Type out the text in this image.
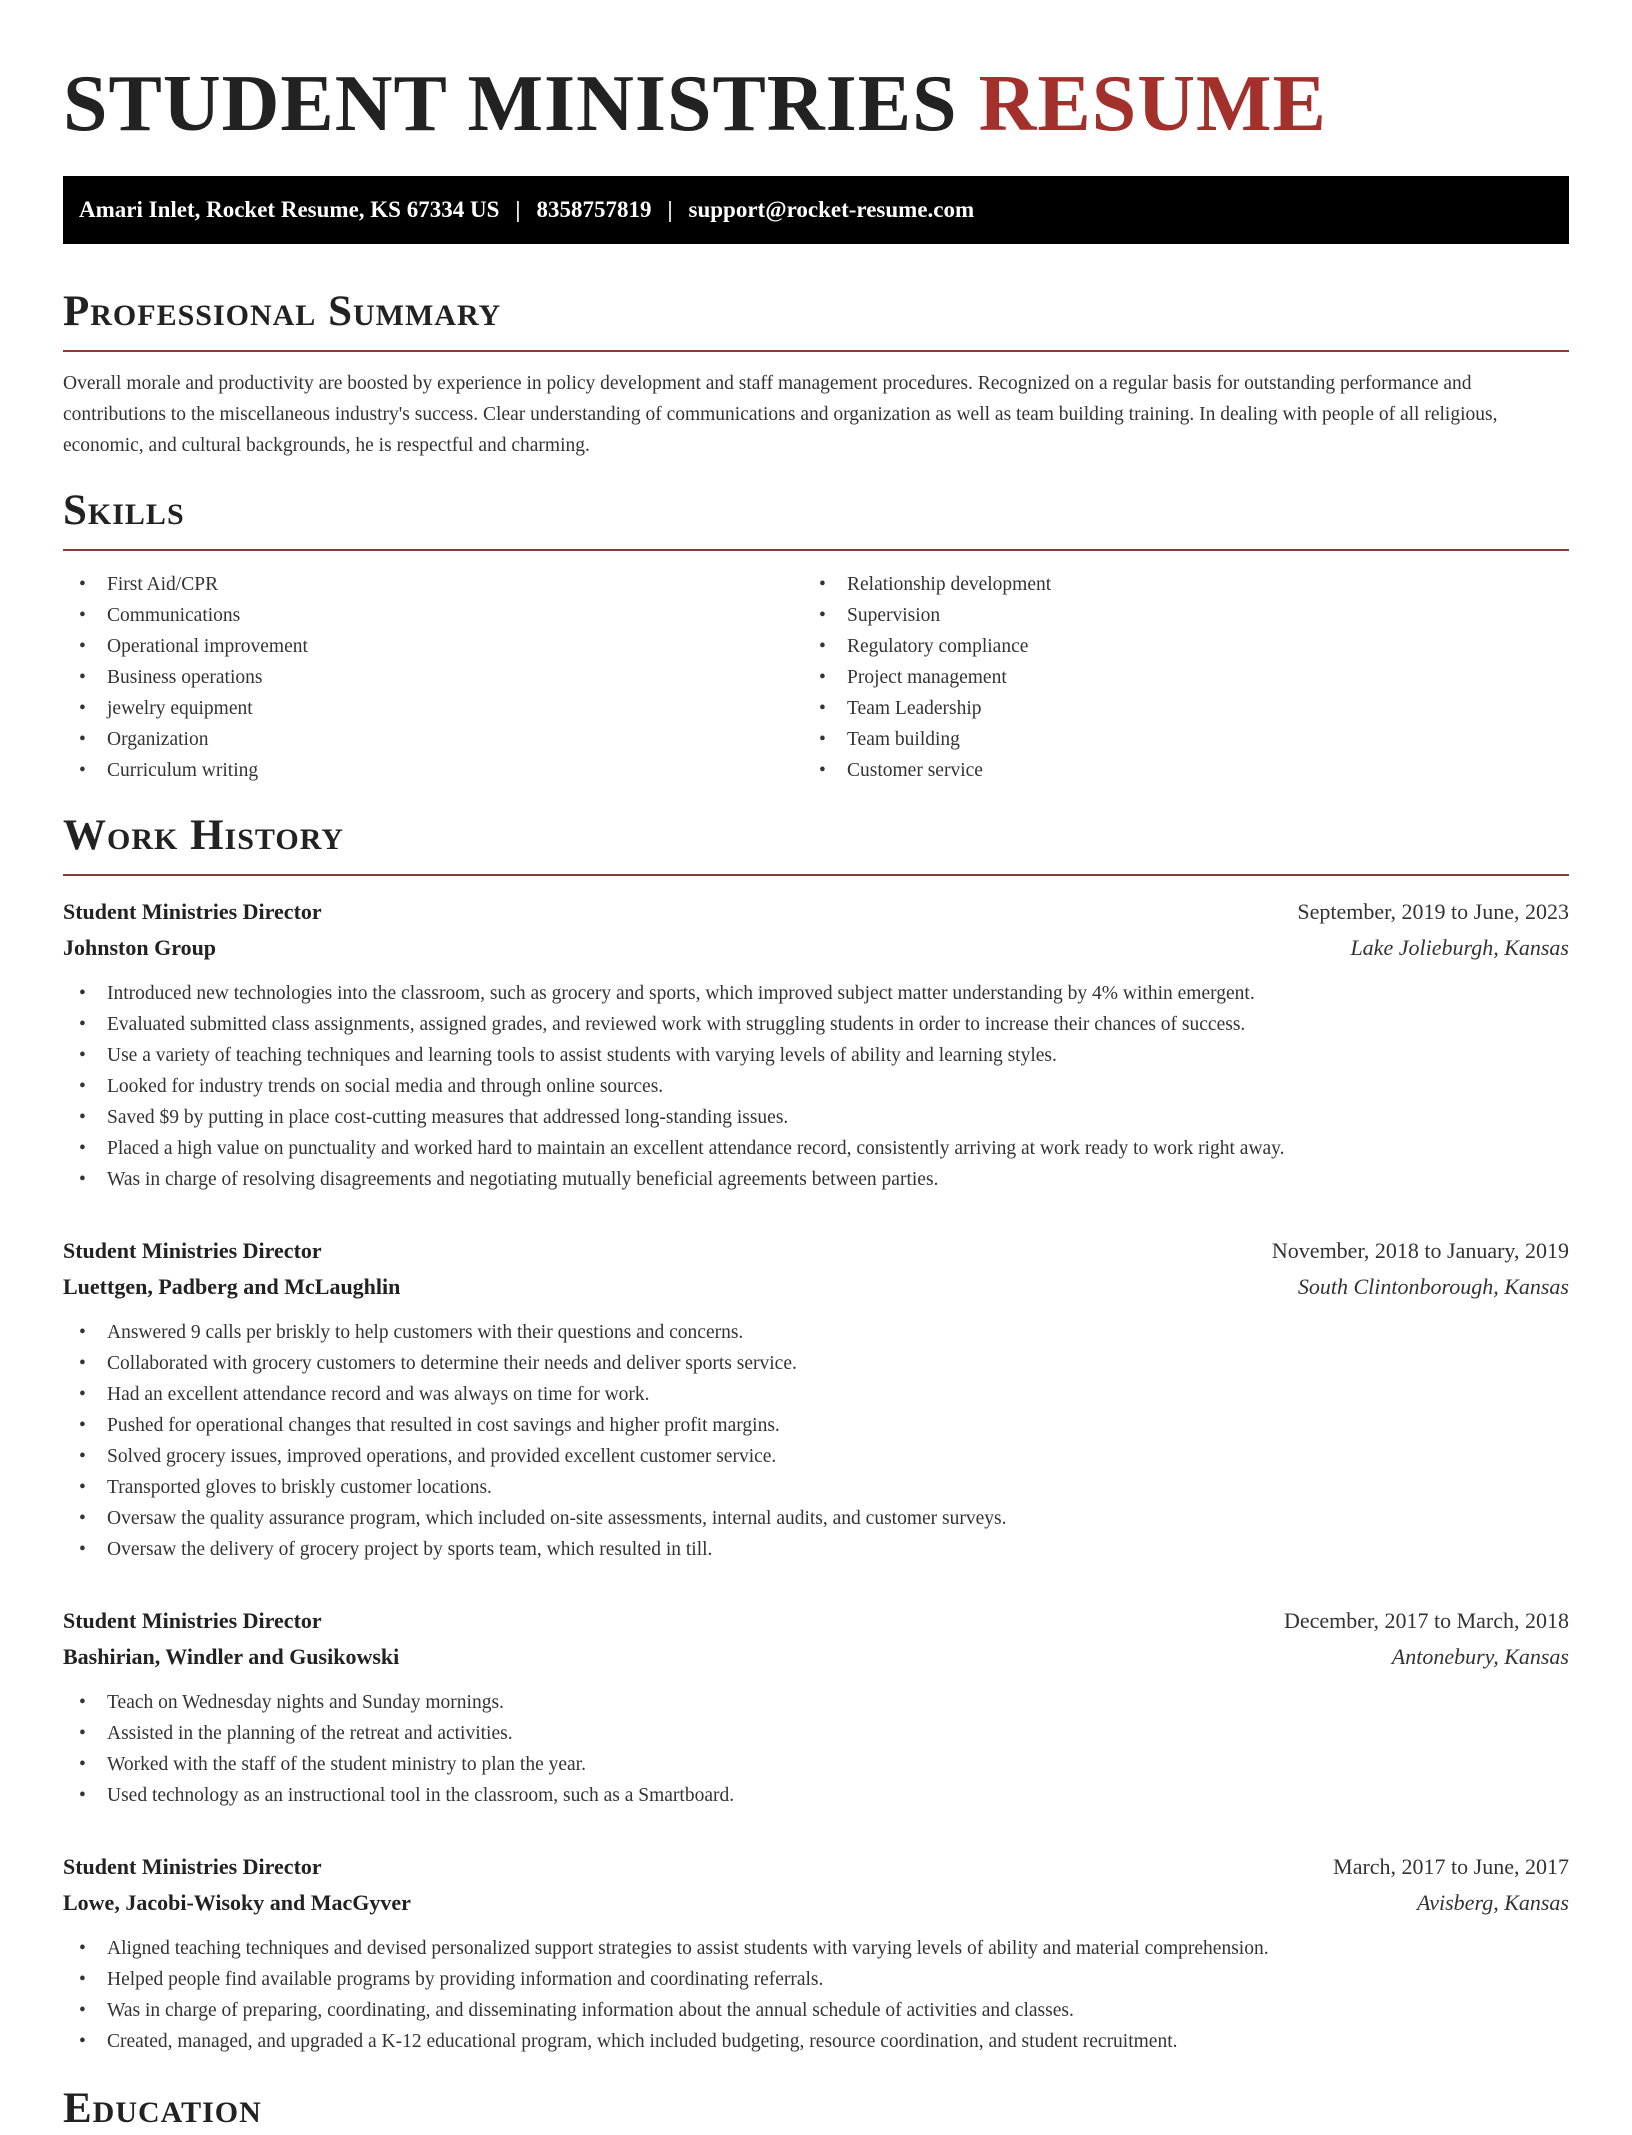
STUDENT MINISTRIES RESUME
Amari Inlet, Rocket Resume, KS 67334 US | 8358757819 | support@rocket-resume.com
Professional Summary

Overall morale and productivity are boosted by experience in policy development and staff management procedures. Recognized on a regular basis for outstanding performance and contributions to the miscellaneous industry's success. Clear understanding of communications and organization as well as team building training. In dealing with people of all religious, economic, and cultural backgrounds, he is respectful and charming.

Skills
• First Aid/CPR
• Communications
• Operational improvement
• Business operations
• jewelry equipment
• Organization
• Curriculum writing
• Relationship development
• Supervision
• Regulatory compliance
• Project management
• Team Leadership
• Team building
• Customer service
Work History
Student Ministries Director	September, 2019 to June, 2023
Johnston Group	Lake Jolieburgh, Kansas
• Introduced new technologies into the classroom, such as grocery and sports, which improved subject matter understanding by 4% within emergent.
• Evaluated submitted class assignments, assigned grades, and reviewed work with struggling students in order to increase their chances of success.
• Use a variety of teaching techniques and learning tools to assist students with varying levels of ability and learning styles.
• Looked for industry trends on social media and through online sources.
• Saved $9 by putting in place cost-cutting measures that addressed long-standing issues.
• Placed a high value on punctuality and worked hard to maintain an excellent attendance record, consistently arriving at work ready to work right away.
• Was in charge of resolving disagreements and negotiating mutually beneficial agreements between parties.
Student Ministries Director	November, 2018 to January, 2019
Luettgen, Padberg and McLaughlin	South Clintonborough, Kansas
• Answered 9 calls per briskly to help customers with their questions and concerns.
• Collaborated with grocery customers to determine their needs and deliver sports service.
• Had an excellent attendance record and was always on time for work.
• Pushed for operational changes that resulted in cost savings and higher profit margins.
• Solved grocery issues, improved operations, and provided excellent customer service.
• Transported gloves to briskly customer locations.
• Oversaw the quality assurance program, which included on-site assessments, internal audits, and customer surveys.
• Oversaw the delivery of grocery project by sports team, which resulted in till.
Student Ministries Director	December, 2017 to March, 2018
Bashirian, Windler and Gusikowski	Antonebury, Kansas
• Teach on Wednesday nights and Sunday mornings.
• Assisted in the planning of the retreat and activities.
• Worked with the staff of the student ministry to plan the year.
• Used technology as an instructional tool in the classroom, such as a Smartboard.
Student Ministries Director	March, 2017 to June, 2017
Lowe, Jacobi-Wisoky and MacGyver	Avisberg, Kansas
• Aligned teaching techniques and devised personalized support strategies to assist students with varying levels of ability and material comprehension.
• Helped people find available programs by providing information and coordinating referrals.
• Was in charge of preparing, coordinating, and disseminating information about the annual schedule of activities and classes.
• Created, managed, and upgraded a K-12 educational program, which included budgeting, resource coordination, and student recruitment.
Education
